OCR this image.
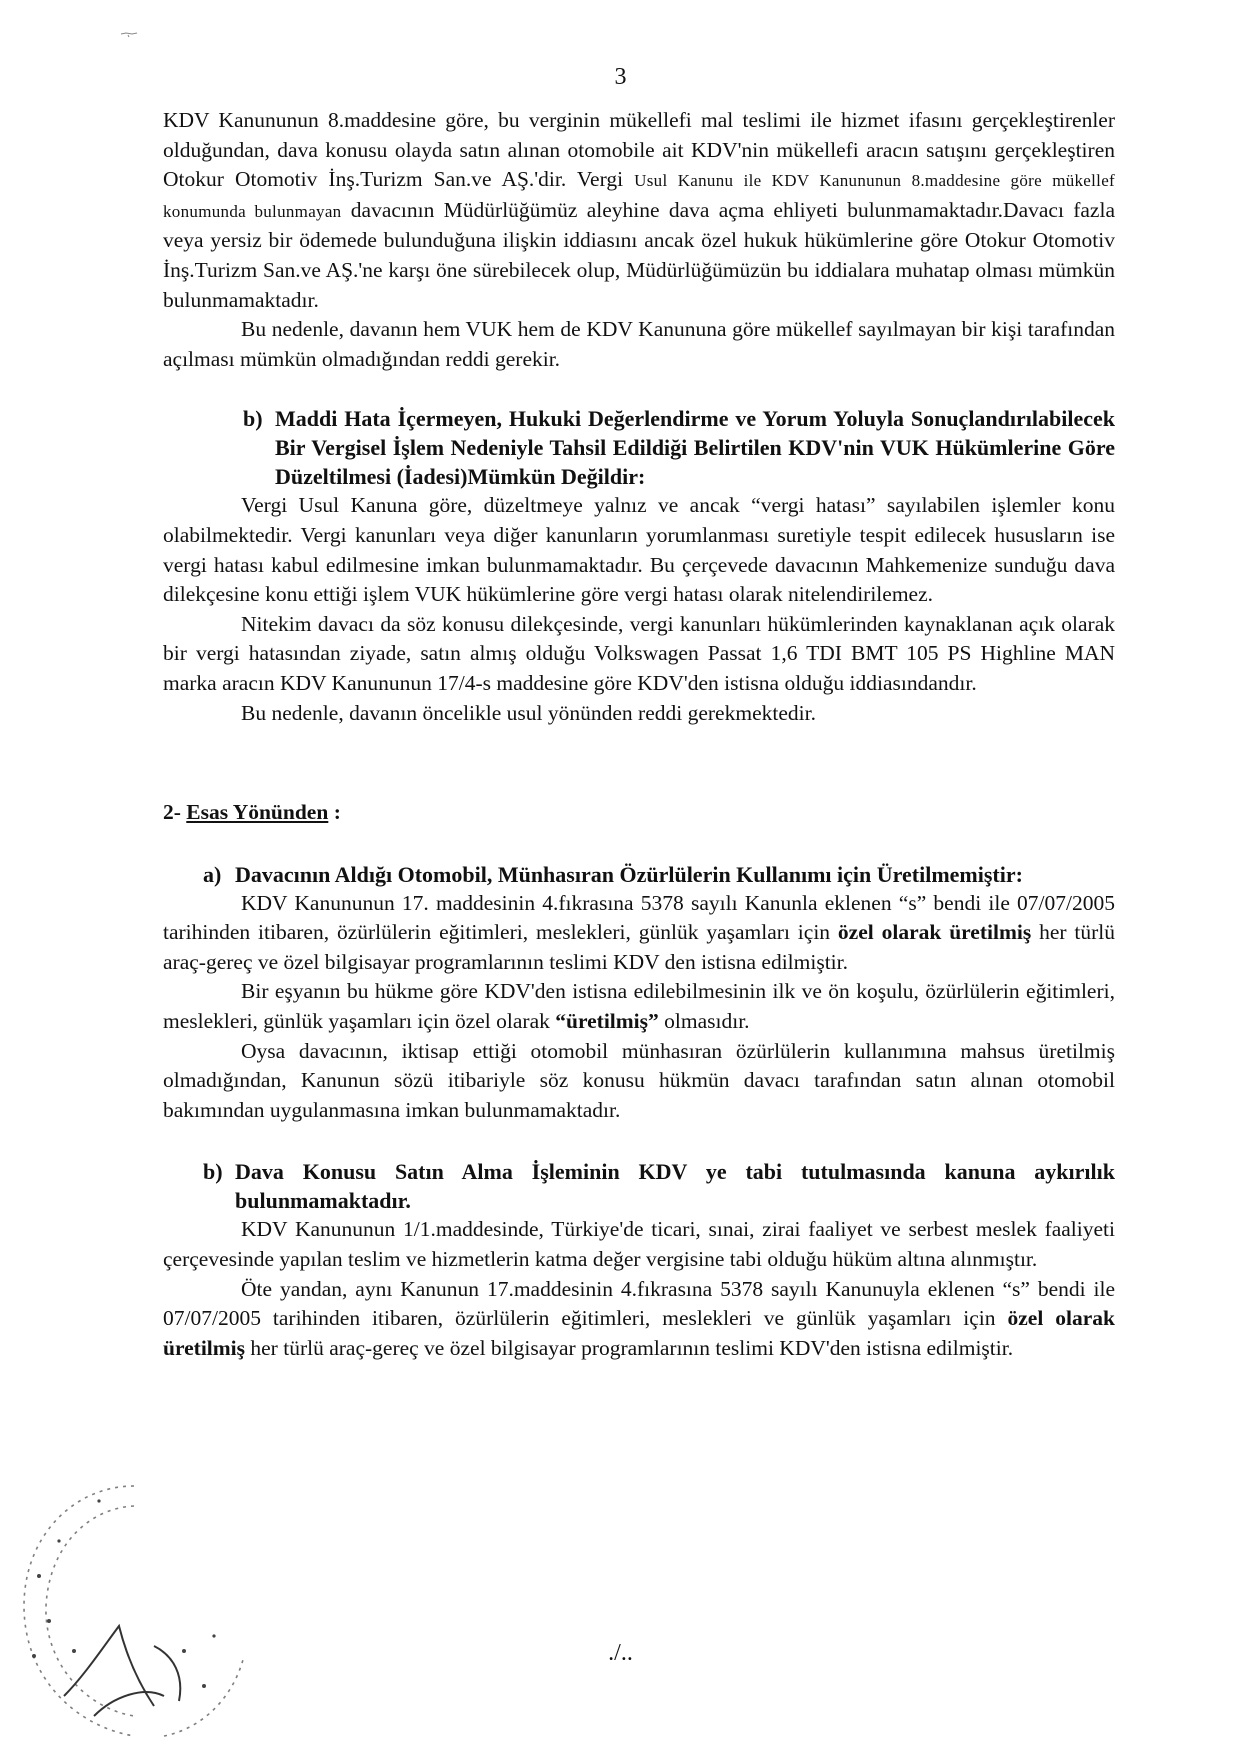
3

KDV Kanununun 8.maddesine göre, bu verginin mükellefi mal teslimi ile hizmet ifasını gerçekleştirenler olduğundan, dava konusu olayda satın alınan otomobile ait KDV'nin mükellefi aracın satışını gerçekleştiren Otokur Otomotiv İnş.Turizm San.ve AŞ.'dir. Vergi Usul Kanunu ile KDV Kanununun 8.maddesine göre mükellef konumunda bulunmayan davacının Müdürlüğümüz aleyhine dava açma ehliyeti bulunmamaktadır.Davacı fazla veya yersiz bir ödemede bulunduğuna ilişkin iddiasını ancak özel hukuk hükümlerine göre Otokur Otomotiv İnş.Turizm San.ve AŞ.'ne karşı öne sürebilecek olup, Müdürlüğümüzün bu iddialara muhatap olması mümkün bulunmamaktadır.

Bu nedenle, davanın hem VUK hem de KDV Kanununa göre mükellef sayılmayan bir kişi tarafından açılması mümkün olmadığından reddi gerekir.

b) Maddi Hata İçermeyen, Hukuki Değerlendirme ve Yorum Yoluyla Sonuçlandırılabilecek Bir Vergisel İşlem Nedeniyle Tahsil Edildiği Belirtilen KDV'nin VUK Hükümlerine Göre Düzeltilmesi (İadesi)Mümkün Değildir:

Vergi Usul Kanuna göre, düzeltmeye yalnız ve ancak “vergi hatası” sayılabilen işlemler konu olabilmektedir. Vergi kanunları veya diğer kanunların yorumlanması suretiyle tespit edilecek hususların ise vergi hatası kabul edilmesine imkan bulunmamaktadır. Bu çerçevede davacının Mahkemenize sunduğu dava dilekçesine konu ettiği işlem VUK hükümlerine göre vergi hatası olarak nitelendirilemez.

Nitekim davacı da söz konusu dilekçesinde, vergi kanunları hükümlerinden kaynaklanan açık olarak bir vergi hatasından ziyade, satın almış olduğu Volkswagen Passat 1,6 TDI BMT 105 PS Highline MAN marka aracın KDV Kanununun 17/4-s maddesine göre KDV'den istisna olduğu iddiasındandır.

Bu nedenle, davanın öncelikle usul yönünden reddi gerekmektedir.

2- Esas Yönünden :
a) Davacının Aldığı Otomobil, Münhasıran Özürlülerin Kullanımı için Üretilmemiştir:

KDV Kanununun 17. maddesinin 4.fıkrasına 5378 sayılı Kanunla eklenen “s” bendi ile 07/07/2005 tarihinden itibaren, özürlülerin eğitimleri, meslekleri, günlük yaşamları için özel olarak üretilmiş her türlü araç-gereç ve özel bilgisayar programlarının teslimi KDV den istisna edilmiştir.

Bir eşyanın bu hükme göre KDV'den istisna edilebilmesinin ilk ve ön koşulu, özürlülerin eğitimleri, meslekleri, günlük yaşamları için özel olarak “üretilmiş” olmasıdır.

Oysa davacının, iktisap ettiği otomobil münhasıran özürlülerin kullanımına mahsus üretilmiş olmadığından, Kanunun sözü itibariyle söz konusu hükmün davacı tarafından satın alınan otomobil bakımından uygulanmasına imkan bulunmamaktadır.

b) Dava Konusu Satın Alma İşleminin KDV ye tabi tutulmasında kanuna aykırılık bulunmamaktadır.

KDV Kanununun 1/1.maddesinde, Türkiye'de ticari, sınai, zirai faaliyet ve serbest meslek faaliyeti çerçevesinde yapılan teslim ve hizmetlerin katma değer vergisine tabi olduğu hüküm altına alınmıştır.

Öte yandan, aynı Kanunun 17.maddesinin 4.fıkrasına 5378 sayılı Kanunuyla eklenen “s” bendi ile 07/07/2005 tarihinden itibaren, özürlülerin eğitimleri, meslekleri ve günlük yaşamları için özel olarak üretilmiş her türlü araç-gereç ve özel bilgisayar programlarının teslimi KDV'den istisna edilmiştir.

./..
